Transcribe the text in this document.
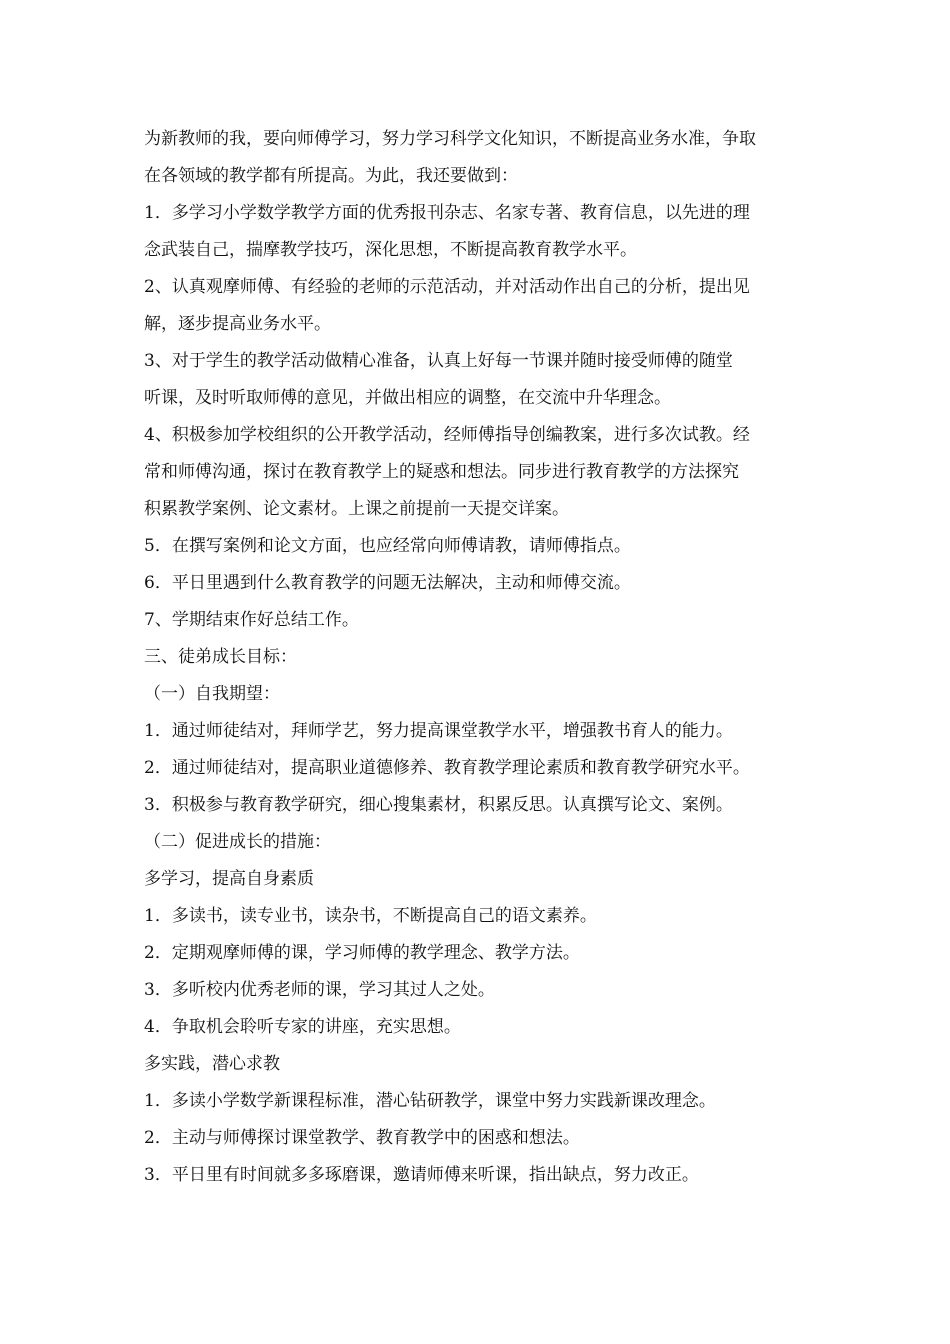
为新教师的我，要向师傅学习，努力学习科学文化知识，不断提高业务水准，争取
在各领域的教学都有所提高。为此，我还要做到：
1．多学习小学数学教学方面的优秀报刊杂志、名家专著、教育信息，以先进的理
念武装自己，揣摩教学技巧，深化思想，不断提高教育教学水平。
2、认真观摩师傅、有经验的老师的示范活动，并对活动作出自己的分析，提出见
解，逐步提高业务水平。
3、对于学生的教学活动做精心准备，认真上好每一节课并随时接受师傅的随堂
听课，及时听取师傅的意见，并做出相应的调整，在交流中升华理念。
4、积极参加学校组织的公开教学活动，经师傅指导创编教案，进行多次试教。经
常和师傅沟通，探讨在教育教学上的疑惑和想法。同步进行教育教学的方法探究
积累教学案例、论文素材。上课之前提前一天提交详案。
5．在撰写案例和论文方面，也应经常向师傅请教，请师傅指点。
6．平日里遇到什么教育教学的问题无法解决，主动和师傅交流。
7、学期结束作好总结工作。
三、徒弟成长目标：
（一）自我期望：
1．通过师徒结对，拜师学艺，努力提高课堂教学水平，增强教书育人的能力。
2．通过师徒结对，提高职业道德修养、教育教学理论素质和教育教学研究水平。
3．积极参与教育教学研究，细心搜集素材，积累反思。认真撰写论文、案例。
（二）促进成长的措施：
多学习，提高自身素质
1．多读书，读专业书，读杂书，不断提高自己的语文素养。
2．定期观摩师傅的课，学习师傅的教学理念、教学方法。
3．多听校内优秀老师的课，学习其过人之处。
4．争取机会聆听专家的讲座，充实思想。
多实践，潜心求教
1．多读小学数学新课程标准，潜心钻研教学，课堂中努力实践新课改理念。
2．主动与师傅探讨课堂教学、教育教学中的困惑和想法。
3．平日里有时间就多多琢磨课，邀请师傅来听课，指出缺点，努力改正。
